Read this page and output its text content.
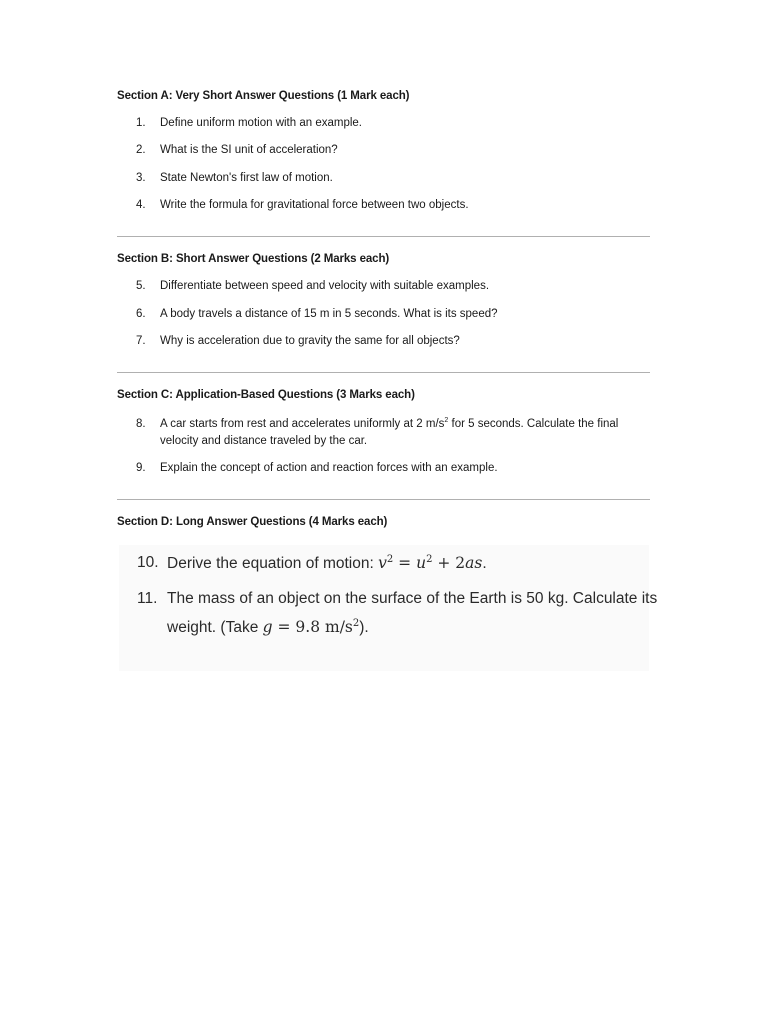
Section A: Very Short Answer Questions (1 Mark each)
1. Define uniform motion with an example.
2. What is the SI unit of acceleration?
3. State Newton's first law of motion.
4. Write the formula for gravitational force between two objects.
Section B: Short Answer Questions (2 Marks each)
5. Differentiate between speed and velocity with suitable examples.
6. A body travels a distance of 15 m in 5 seconds. What is its speed?
7. Why is acceleration due to gravity the same for all objects?
Section C: Application-Based Questions (3 Marks each)
8. A car starts from rest and accelerates uniformly at 2 $m/s^2$ for 5 seconds. Calculate the final velocity and distance traveled by the car.
9. Explain the concept of action and reaction forces with an example.
Section D: Long Answer Questions (4 Marks each)
10. Derive the equation of motion: $v^2 = u^2 + 2as$.
11. The mass of an object on the surface of the Earth is 50 kg. Calculate its
weight. (Take g = 9.8 $m/s^2$).
